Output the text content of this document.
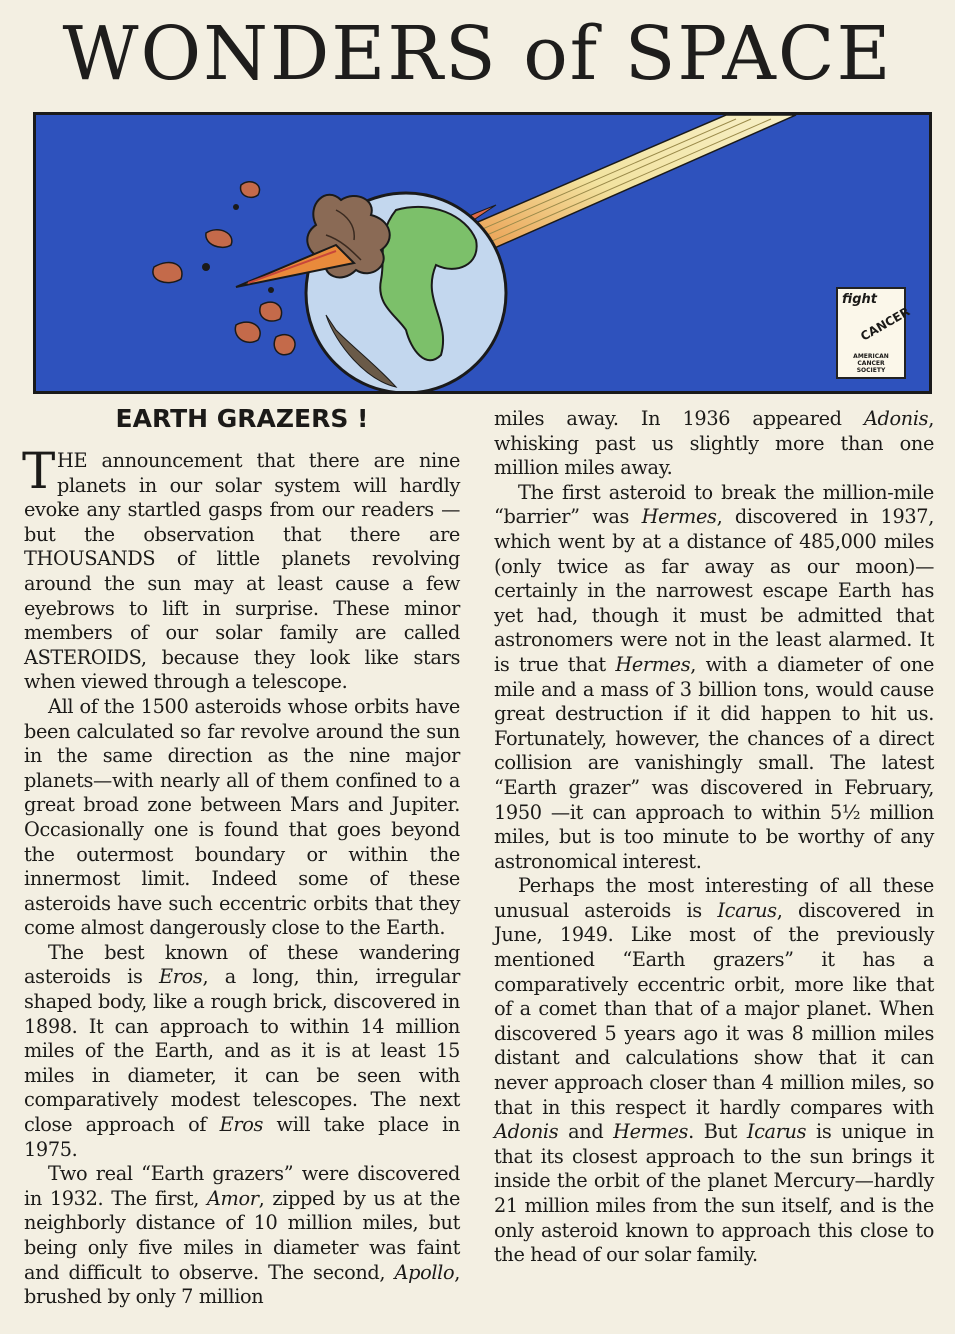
WONDERS of SPACE
fight
CANCER
AMERICAN
CANCER
SOCIETY
EARTH GRAZERS !

THE announcement that there are nine planets in our solar system will hardly evoke any startled gasps from our readers —but the observation that there are THOUSANDS of little planets revolving around the sun may at least cause a few eyebrows to lift in surprise. These minor members of our solar family are called ASTEROIDS, because they look like stars when viewed through a telescope.

All of the 1500 asteroids whose orbits have been calculated so far revolve around the sun in the same direction as the nine major planets—with nearly all of them confined to a great broad zone between Mars and Jupiter. Occasionally one is found that goes beyond the outermost boundary or within the innermost limit. Indeed some of these asteroids have such eccentric orbits that they come almost dangerously close to the Earth.

The best known of these wandering asteroids is Eros, a long, thin, irregular shaped body, like a rough brick, discovered in 1898. It can approach to within 14 million miles of the Earth, and as it is at least 15 miles in diameter, it can be seen with comparatively modest telescopes. The next close approach of Eros will take place in 1975.

Two real “Earth grazers” were discovered in 1932. The first, Amor, zipped by us at the neighborly distance of 10 million miles, but being only five miles in diameter was faint and difficult to observe. The second, Apollo, brushed by only 7 million

miles away. In 1936 appeared Adonis, whisking past us slightly more than one million miles away.

The first asteroid to break the million-mile “barrier” was Hermes, discovered in 1937, which went by at a distance of 485,000 miles (only twice as far away as our moon)—certainly in the narrowest escape Earth has yet had, though it must be admitted that astronomers were not in the least alarmed. It is true that Hermes, with a diameter of one mile and a mass of 3 billion tons, would cause great destruction if it did happen to hit us. Fortunately, however, the chances of a direct collision are vanishingly small. The latest “Earth grazer” was discovered in February, 1950 —it can approach to within 5½ million miles, but is too minute to be worthy of any astronomical interest.

Perhaps the most interesting of all these unusual asteroids is Icarus, discovered in June, 1949. Like most of the previously mentioned “Earth grazers” it has a comparatively eccentric orbit, more like that of a comet than that of a major planet. When discovered 5 years ago it was 8 million miles distant and calculations show that it can never approach closer than 4 million miles, so that in this respect it hardly compares with Adonis and Hermes. But Icarus is unique in that its closest approach to the sun brings it inside the orbit of the planet Mercury—hardly 21 million miles from the sun itself, and is the only asteroid known to approach this close to the head of our solar family.
